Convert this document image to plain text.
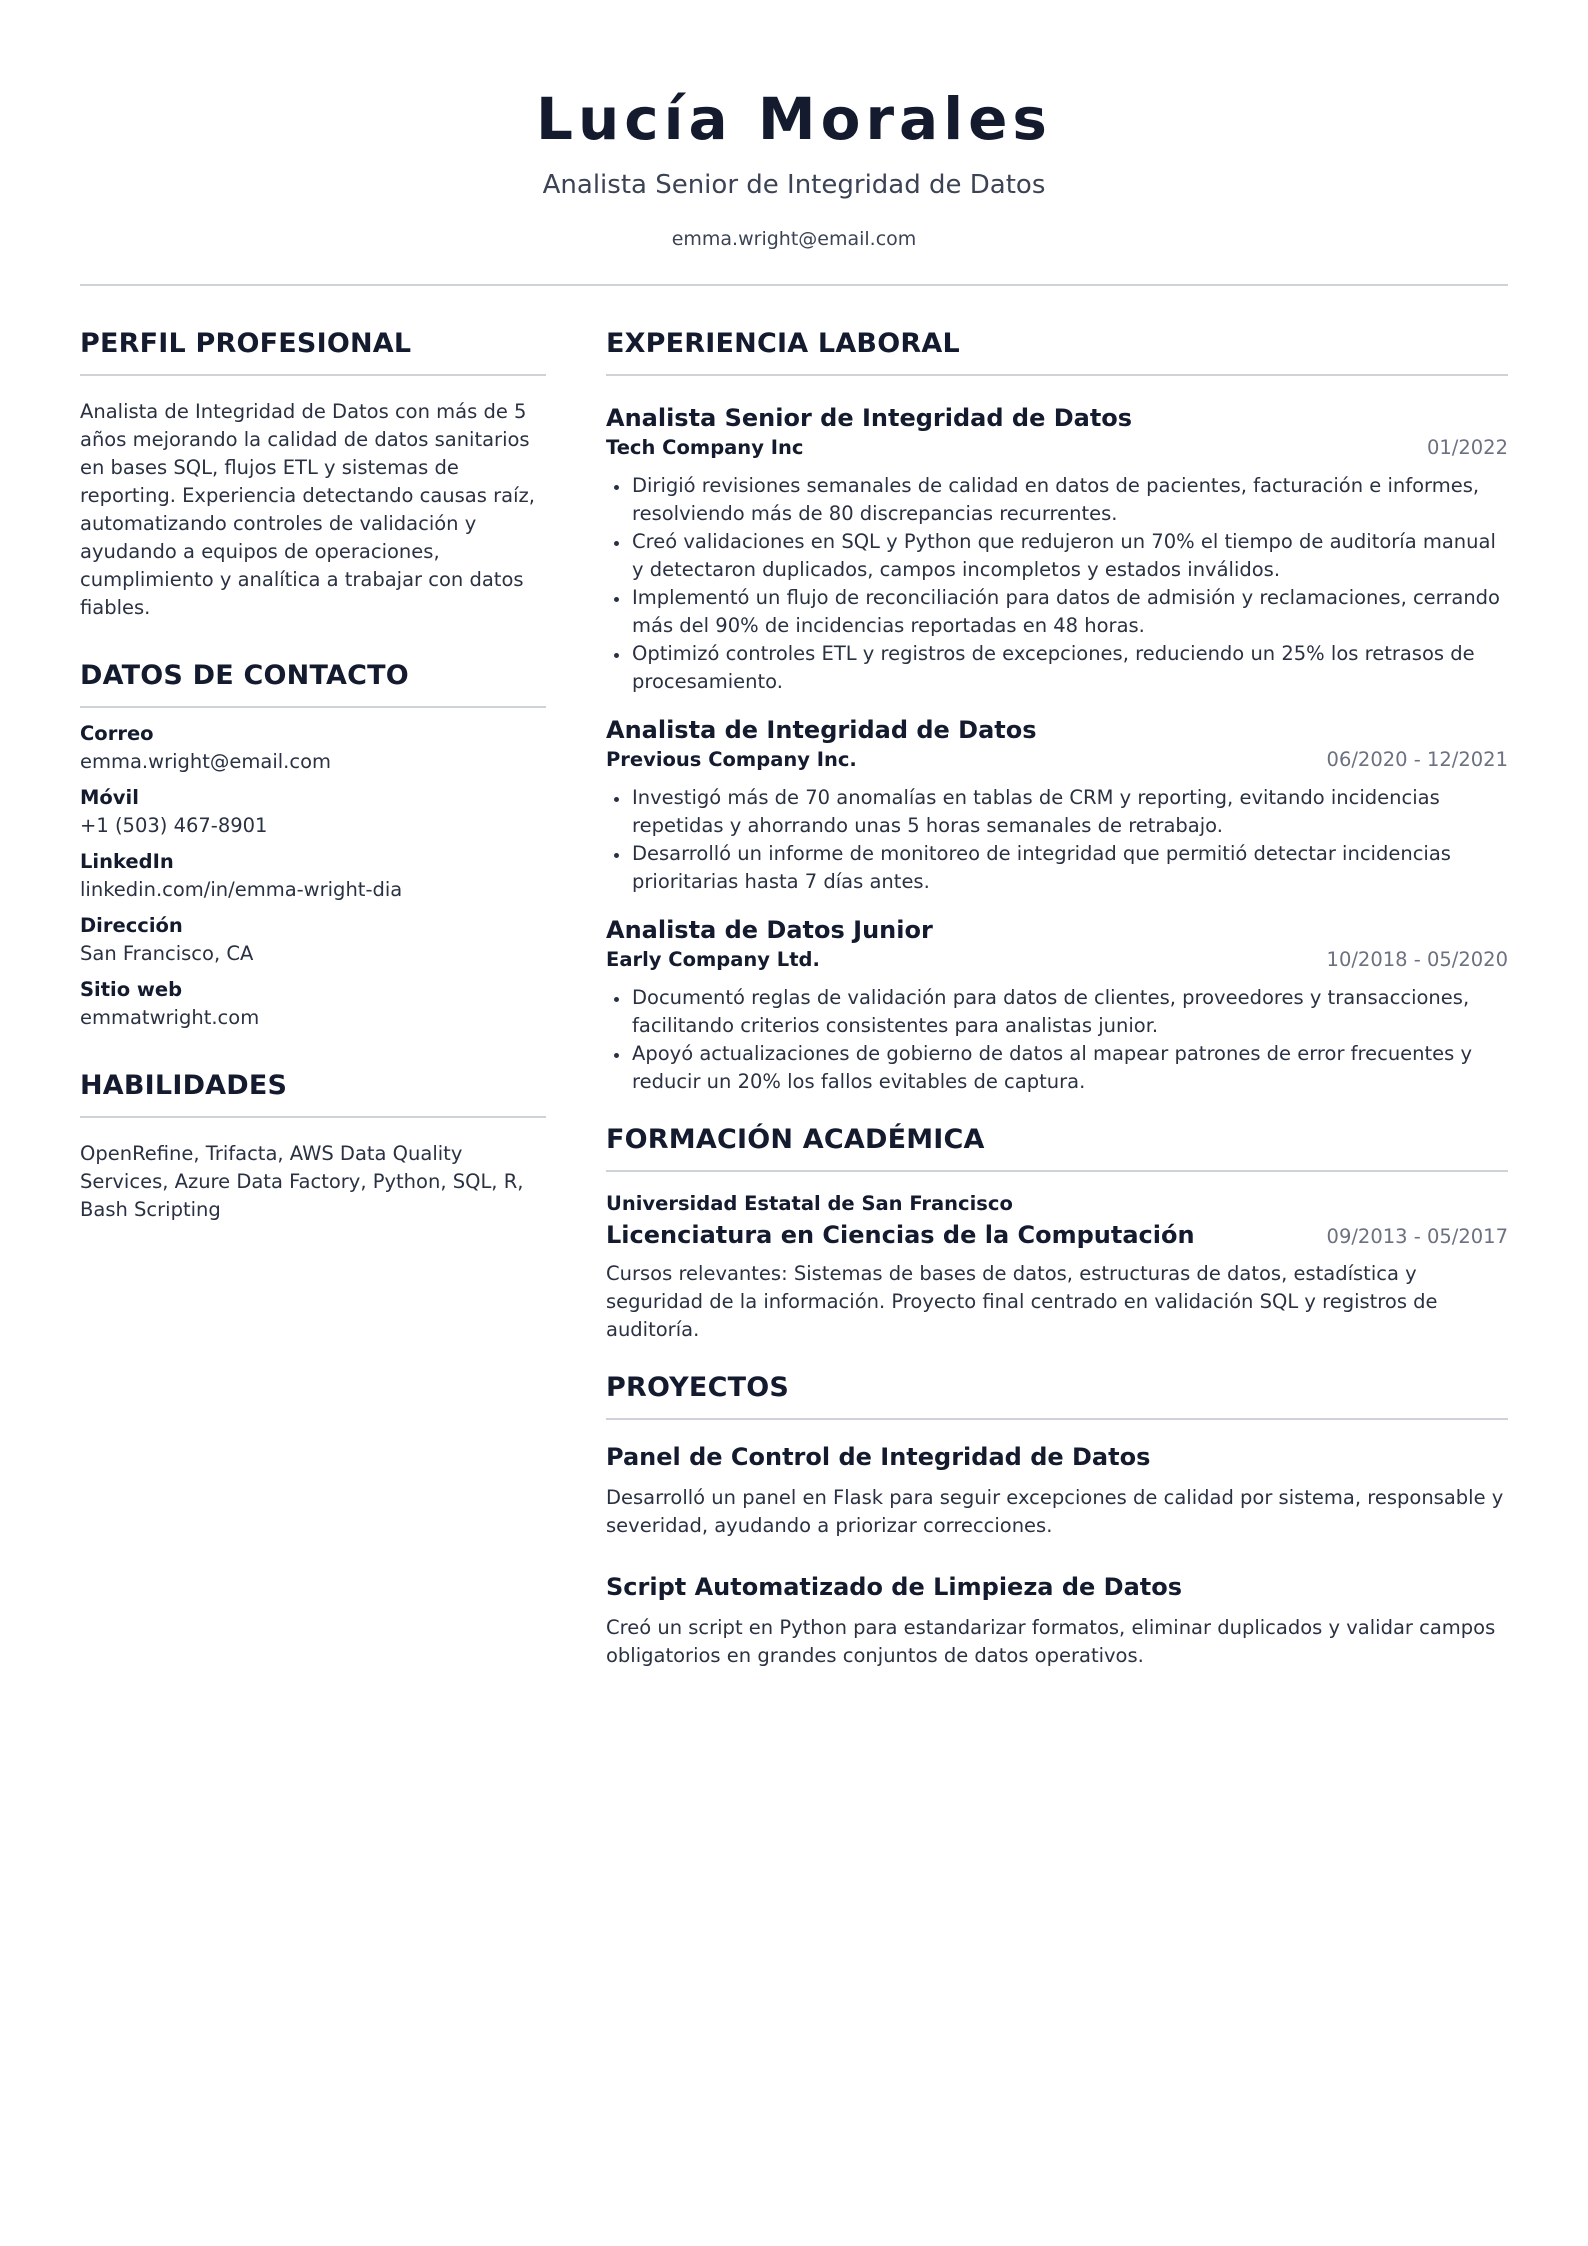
Lucía Morales
Analista Senior de Integridad de Datos
emma.wright@email.com
PERFIL PROFESIONAL
Analista de Integridad de Datos con más de 5 años mejorando la calidad de datos sanitarios en bases SQL, flujos ETL y sistemas de reporting. Experiencia detectando causas raíz, automatizando controles de validación y ayudando a equipos de operaciones, cumplimiento y analítica a trabajar con datos fiables.
DATOS DE CONTACTO
Correo
emma.wright@email.com
Móvil
+1 (503) 467-8901
LinkedIn
linkedin.com/in/emma-wright-dia
Dirección
San Francisco, CA
Sitio web
emmatwright.com
HABILIDADES
OpenRefine, Trifacta, AWS Data Quality Services, Azure Data Factory, Python, SQL, R, Bash Scripting
EXPERIENCIA LABORAL
Analista Senior de Integridad de Datos
Tech Company Inc	01/2022
Dirigió revisiones semanales de calidad en datos de pacientes, facturación e informes, resolviendo más de 80 discrepancias recurrentes.
Creó validaciones en SQL y Python que redujeron un 70% el tiempo de auditoría manual y detectaron duplicados, campos incompletos y estados inválidos.
Implementó un flujo de reconciliación para datos de admisión y reclamaciones, cerrando más del 90% de incidencias reportadas en 48 horas.
Optimizó controles ETL y registros de excepciones, reduciendo un 25% los retrasos de procesamiento.
Analista de Integridad de Datos
Previous Company Inc.	06/2020 - 12/2021
Investigó más de 70 anomalías en tablas de CRM y reporting, evitando incidencias repetidas y ahorrando unas 5 horas semanales de retrabajo.
Desarrolló un informe de monitoreo de integridad que permitió detectar incidencias prioritarias hasta 7 días antes.
Analista de Datos Junior
Early Company Ltd.	10/2018 - 05/2020
Documentó reglas de validación para datos de clientes, proveedores y transacciones, facilitando criterios consistentes para analistas junior.
Apoyó actualizaciones de gobierno de datos al mapear patrones de error frecuentes y reducir un 20% los fallos evitables de captura.
FORMACIÓN ACADÉMICA
Universidad Estatal de San Francisco
Licenciatura en Ciencias de la Computación	09/2013 - 05/2017
Cursos relevantes: Sistemas de bases de datos, estructuras de datos, estadística y seguridad de la información. Proyecto final centrado en validación SQL y registros de auditoría.
PROYECTOS
Panel de Control de Integridad de Datos
Desarrolló un panel en Flask para seguir excepciones de calidad por sistema, responsable y severidad, ayudando a priorizar correcciones.
Script Automatizado de Limpieza de Datos
Creó un script en Python para estandarizar formatos, eliminar duplicados y validar campos obligatorios en grandes conjuntos de datos operativos.
